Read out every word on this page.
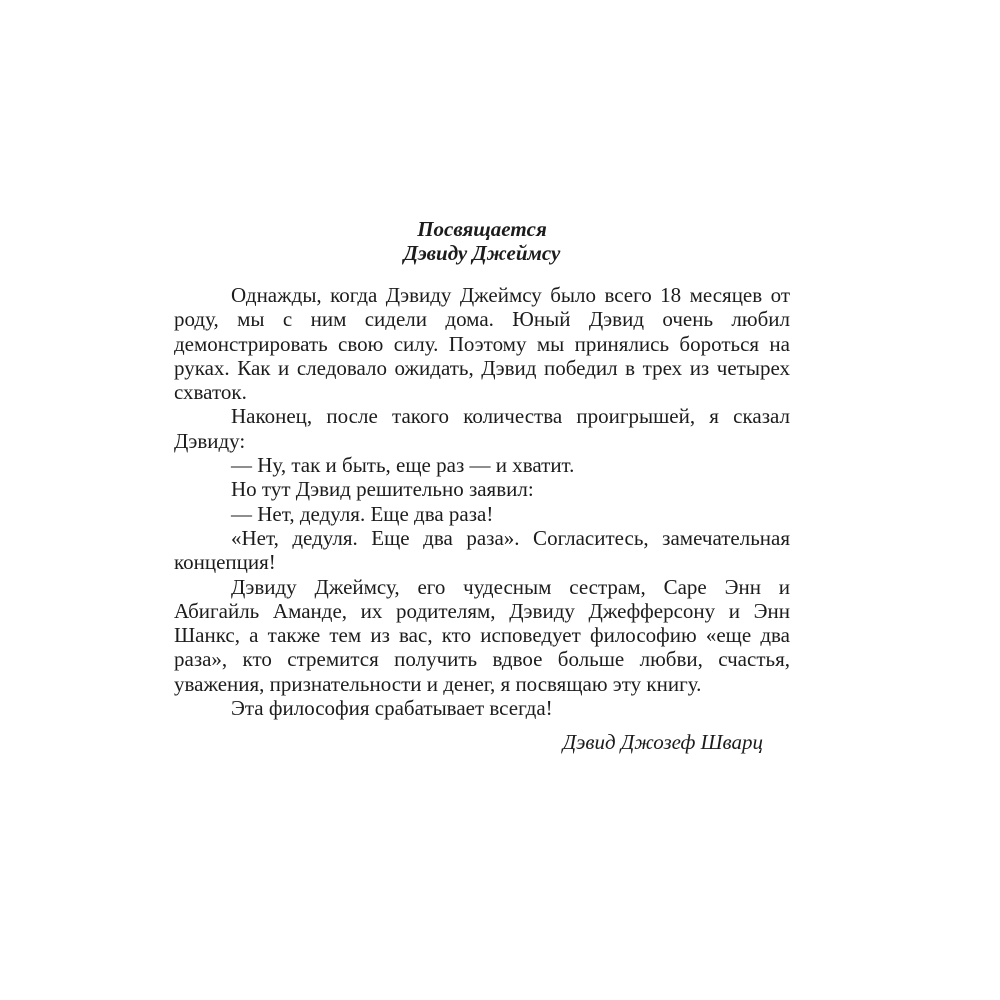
Посвящается
Дэвиду Джеймсу

Однажды, когда Дэвиду Джеймсу было всего 18 месяцев от роду, мы с ним сидели дома. Юный Дэвид очень любил демонстрировать свою силу. Поэтому мы принялись бороться на руках. Как и следовало ожидать, Дэвид победил в трех из четырех схваток.

Наконец, после такого количества проигрышей, я сказал Дэвиду:

— Ну, так и быть, еще раз — и хватит.

Но тут Дэвид решительно заявил:

— Нет, дедуля. Еще два раза!

«Нет, дедуля. Еще два раза». Согласитесь, замечательная концепция!

Дэвиду Джеймсу, его чудесным сестрам, Саре Энн и Абигайль Аманде, их родителям, Дэвиду Джефферсону и Энн Шанкс, а также тем из вас, кто исповедует философию «еще два раза», кто стремится получить вдвое больше любви, счастья, уважения, признательности и денег, я посвящаю эту книгу.

Эта философия срабатывает всегда!

Дэвид Джозеф Шварц
